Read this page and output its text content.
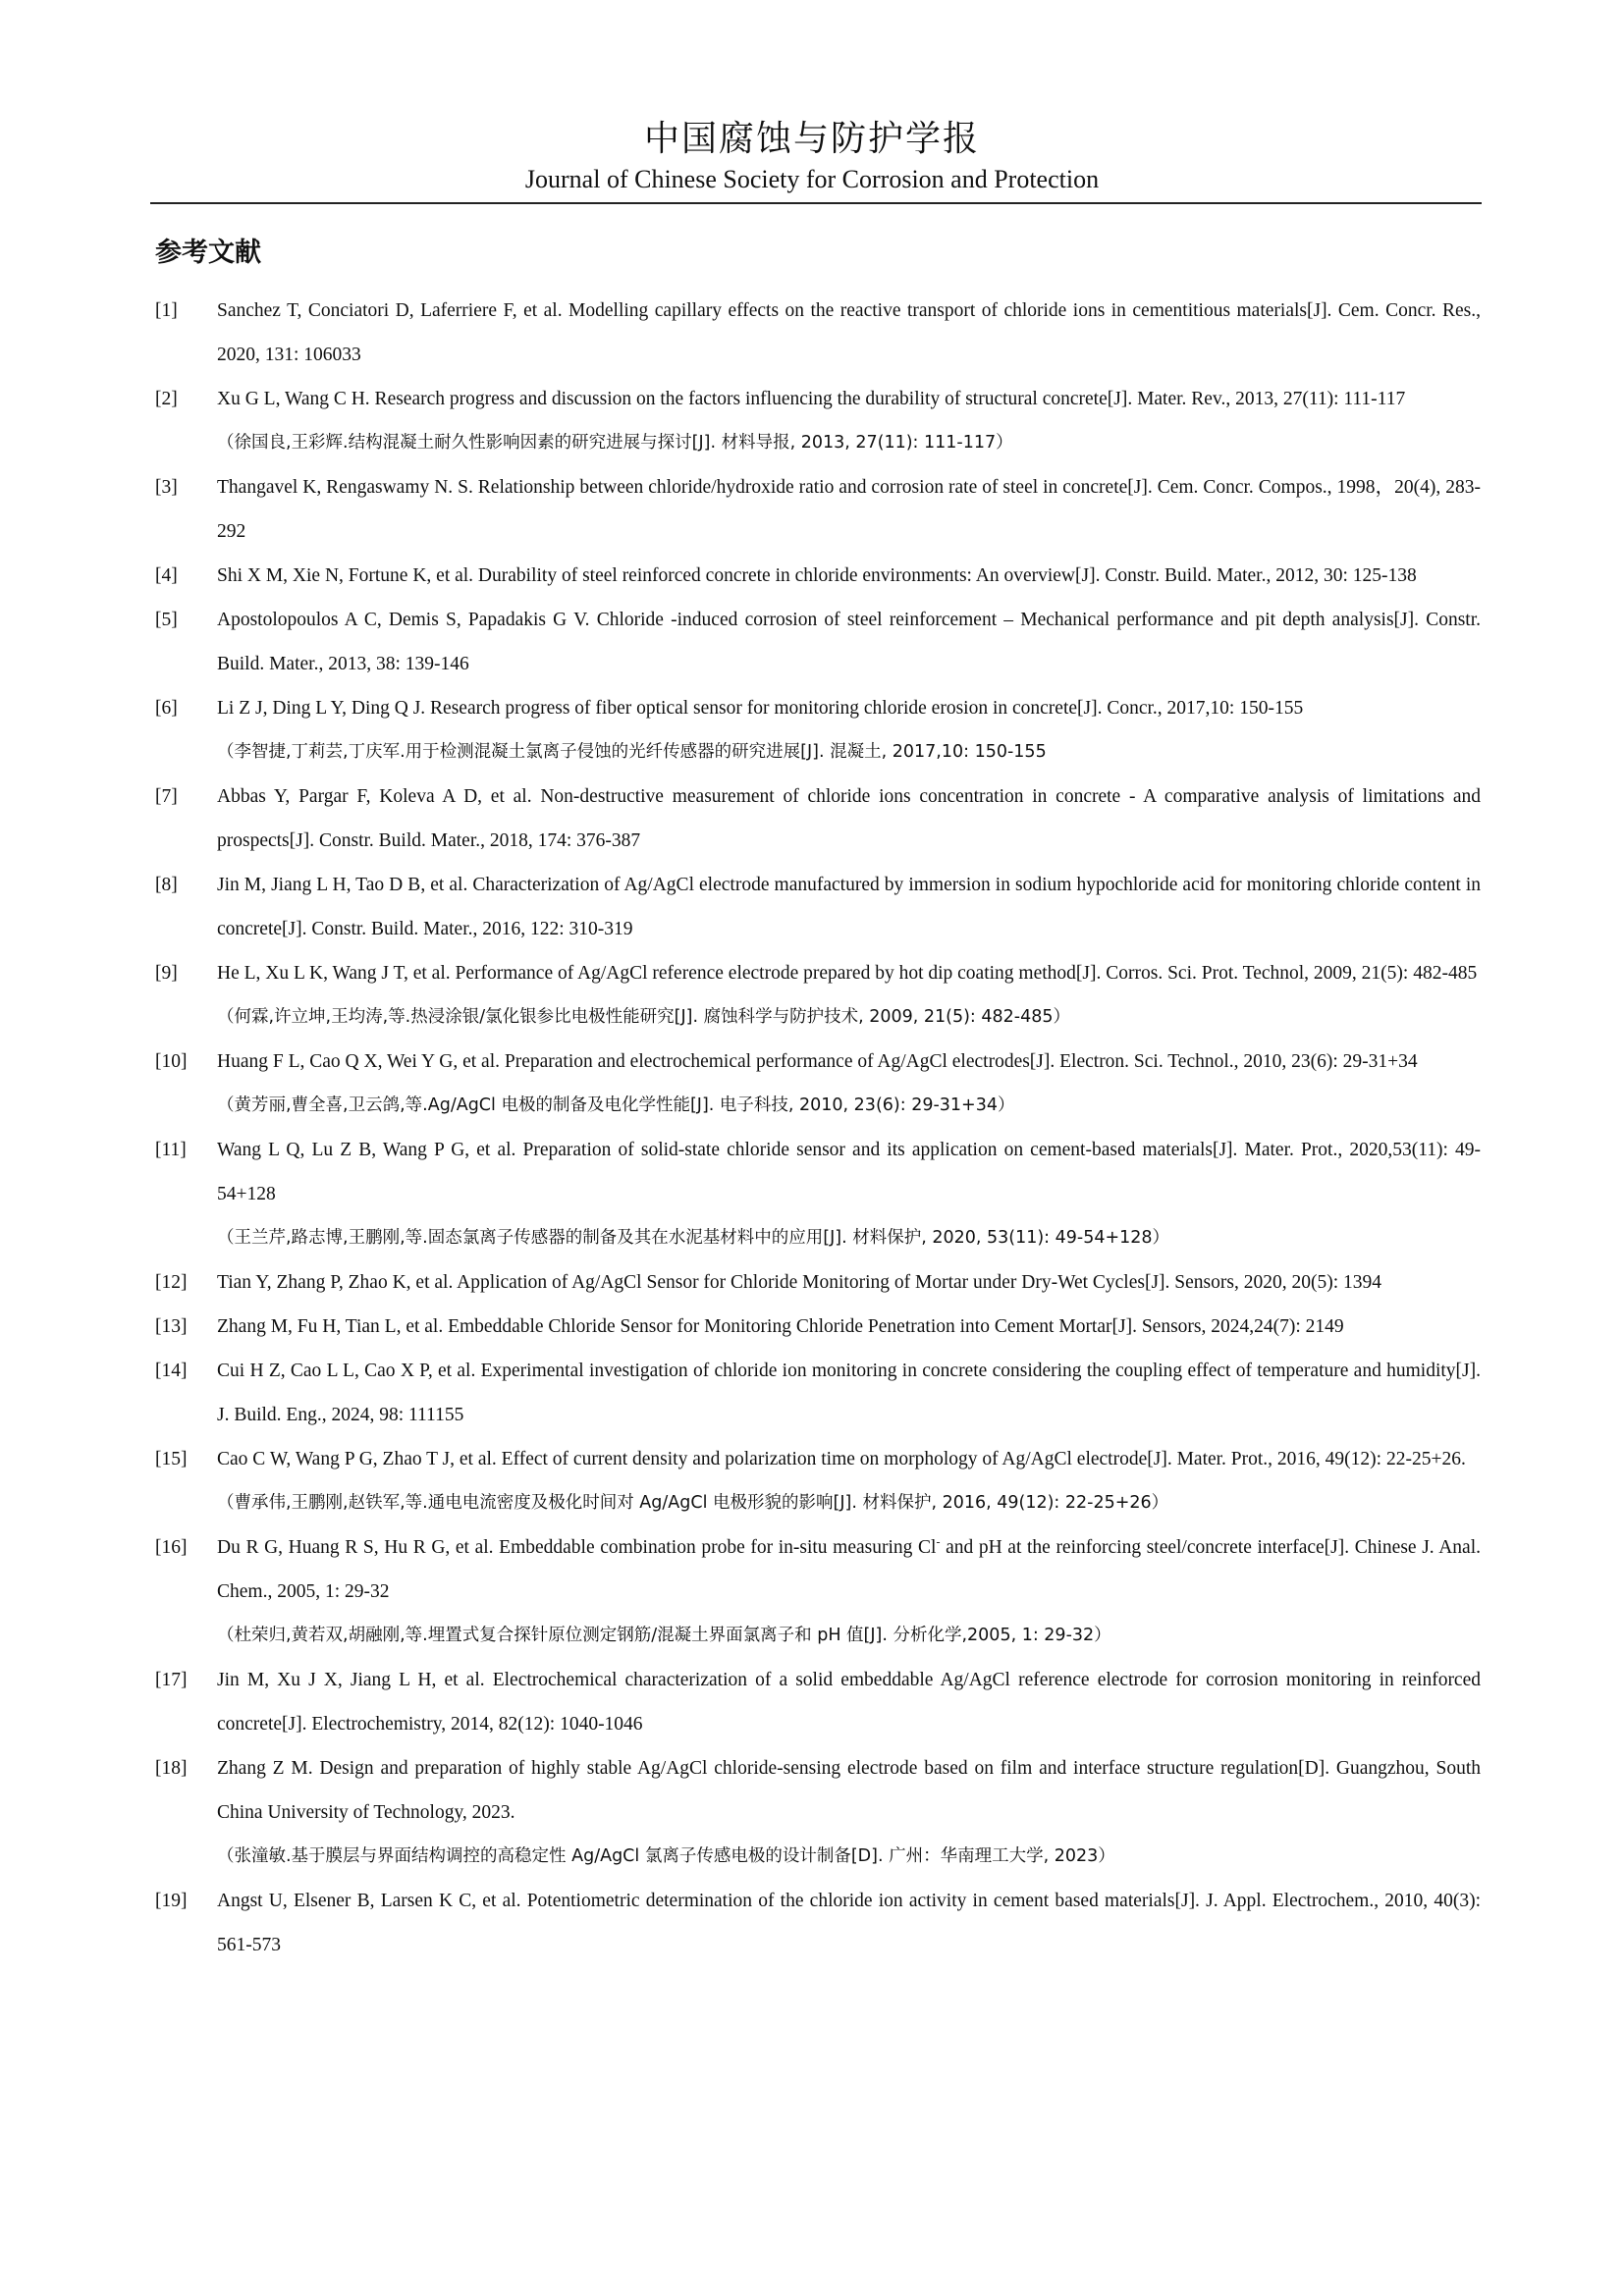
中国腐蚀与防护学报
Journal of Chinese Society for Corrosion and Protection
参考文献
[1] Sanchez T, Conciatori D, Laferriere F, et al. Modelling capillary effects on the reactive transport of chloride ions in cementitious materials[J]. Cem. Concr. Res., 2020, 131: 106033
[2] Xu G L, Wang C H. Research progress and discussion on the factors influencing the durability of structural concrete[J]. Mater. Rev., 2013, 27(11): 111-117
（徐国良,王彩辉.结构混凝土耐久性影响因素的研究进展与探讨[J]. 材料导报, 2013, 27(11): 111-117）
[3] Thangavel K, Rengaswamy N. S. Relationship between chloride/hydroxide ratio and corrosion rate of steel in concrete[J]. Cem. Concr. Compos., 1998，20(4), 283-292
[4] Shi X M, Xie N, Fortune K, et al. Durability of steel reinforced concrete in chloride environments: An overview[J]. Constr. Build. Mater., 2012, 30: 125-138
[5] Apostolopoulos A C, Demis S, Papadakis G V. Chloride -induced corrosion of steel reinforcement – Mechanical performance and pit depth analysis[J]. Constr. Build. Mater., 2013, 38: 139-146
[6] Li Z J, Ding L Y, Ding Q J. Research progress of fiber optical sensor for monitoring chloride erosion in concrete[J]. Concr., 2017,10: 150-155
（李智捷,丁莉芸,丁庆军.用于检测混凝土氯离子侵蚀的光纤传感器的研究进展[J]. 混凝土, 2017,10: 150-155
[7] Abbas Y, Pargar F, Koleva A D, et al. Non-destructive measurement of chloride ions concentration in concrete - A comparative analysis of limitations and prospects[J]. Constr. Build. Mater., 2018, 174: 376-387
[8] Jin M, Jiang L H, Tao D B, et al. Characterization of Ag/AgCl electrode manufactured by immersion in sodium hypochloride acid for monitoring chloride content in concrete[J]. Constr. Build. Mater., 2016, 122: 310-319
[9] He L, Xu L K, Wang J T, et al. Performance of Ag/AgCl reference electrode prepared by hot dip coating method[J]. Corros. Sci. Prot. Technol, 2009, 21(5): 482-485
（何霖,许立坤,王均涛,等.热浸涂银/氯化银参比电极性能研究[J]. 腐蚀科学与防护技术, 2009, 21(5): 482-485）
[10] Huang F L, Cao Q X, Wei Y G, et al. Preparation and electrochemical performance of Ag/AgCl electrodes[J]. Electron. Sci. Technol., 2010, 23(6): 29-31+34
（黄芳丽,曹全喜,卫云鸽,等.Ag/AgCl 电极的制备及电化学性能[J]. 电子科技, 2010, 23(6): 29-31+34）
[11] Wang L Q, Lu Z B, Wang P G, et al. Preparation of solid-state chloride sensor and its application on cement-based materials[J]. Mater. Prot., 2020,53(11): 49-54+128
（王兰芹,路志博,王鹏刚,等.固态氯离子传感器的制备及其在水泥基材料中的应用[J]. 材料保护, 2020, 53(11): 49-54+128）
[12] Tian Y, Zhang P, Zhao K, et al. Application of Ag/AgCl Sensor for Chloride Monitoring of Mortar under Dry-Wet Cycles[J]. Sensors, 2020, 20(5): 1394
[13] Zhang M, Fu H, Tian L, et al. Embeddable Chloride Sensor for Monitoring Chloride Penetration into Cement Mortar[J]. Sensors, 2024,24(7): 2149
[14] Cui H Z, Cao L L, Cao X P, et al. Experimental investigation of chloride ion monitoring in concrete considering the coupling effect of temperature and humidity[J]. J. Build. Eng., 2024, 98: 111155
[15] Cao C W, Wang P G, Zhao T J, et al. Effect of current density and polarization time on morphology of Ag/AgCl electrode[J]. Mater. Prot., 2016, 49(12): 22-25+26.
（曹承伟,王鹏刚,赵铁军,等.通电电流密度及极化时间对 Ag/AgCl 电极形貌的影响[J]. 材料保护, 2016, 49(12): 22-25+26）
[16] Du R G, Huang R S, Hu R G, et al. Embeddable combination probe for in-situ measuring Cl- and pH at the reinforcing steel/concrete interface[J]. Chinese J. Anal. Chem., 2005, 1: 29-32
（杜荣归,黄若双,胡融刚,等.埋置式复合探针原位测定钢筋/混凝土界面氯离子和 pH 值[J]. 分析化学,2005, 1: 29-32）
[17] Jin M, Xu J X, Jiang L H, et al. Electrochemical characterization of a solid embeddable Ag/AgCl reference electrode for corrosion monitoring in reinforced concrete[J]. Electrochemistry, 2014, 82(12): 1040-1046
[18] Zhang Z M. Design and preparation of highly stable Ag/AgCl chloride-sensing electrode based on film and interface structure regulation[D]. Guangzhou, South China University of Technology, 2023.
（张潼敏.基于膜层与界面结构调控的高稳定性 Ag/AgCl 氯离子传感电极的设计制备[D]. 广州：华南理工大学, 2023）
[19] Angst U, Elsener B, Larsen K C, et al. Potentiometric determination of the chloride ion activity in cement based materials[J]. J. Appl. Electrochem., 2010, 40(3): 561-573
